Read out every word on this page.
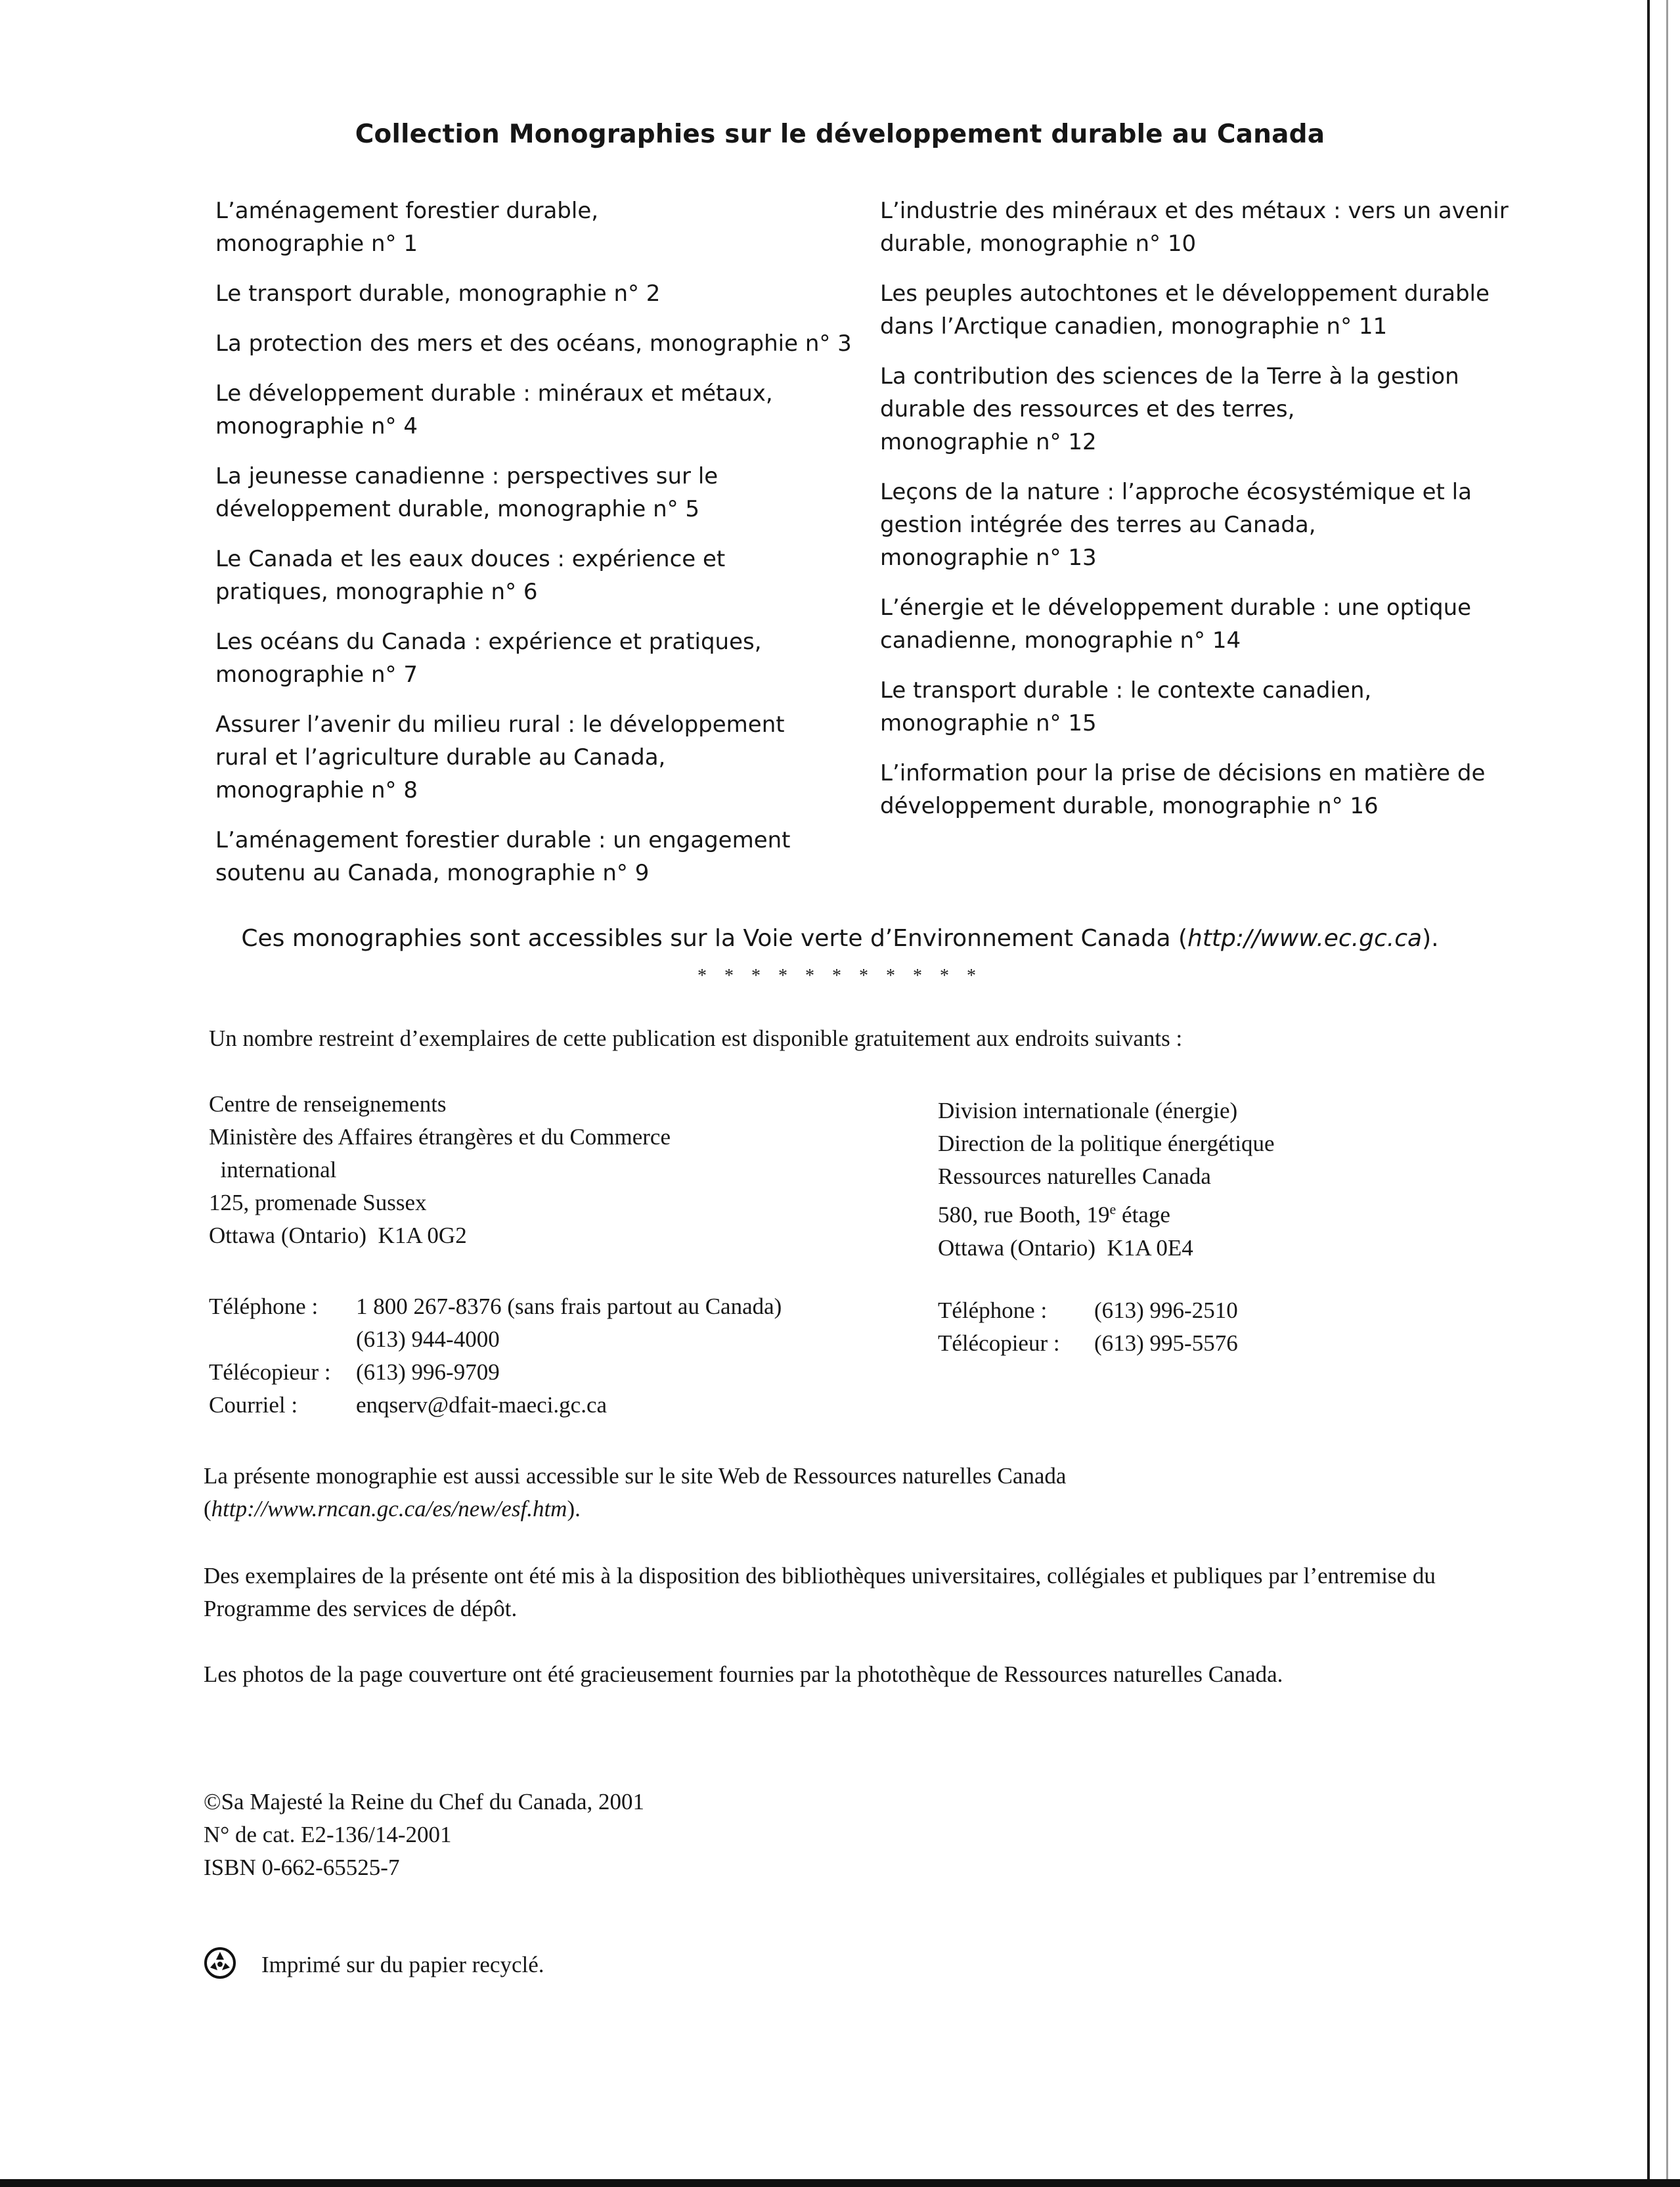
Collection Monographies sur le développement durable au Canada
L’aménagement forestier durable,
monographie n° 1
Le transport durable, monographie n° 2
La protection des mers et des océans, monographie n° 3
Le développement durable : minéraux et métaux,
monographie n° 4
La jeunesse canadienne : perspectives sur le
développement durable, monographie n° 5
Le Canada et les eaux douces : expérience et
pratiques, monographie n° 6
Les océans du Canada : expérience et pratiques,
monographie n° 7
Assurer l’avenir du milieu rural : le développement
rural et l’agriculture durable au Canada,
monographie n° 8
L’aménagement forestier durable : un engagement
soutenu au Canada, monographie n° 9
L’industrie des minéraux et des métaux : vers un avenir
durable, monographie n° 10
Les peuples autochtones et le développement durable
dans l’Arctique canadien, monographie n° 11
La contribution des sciences de la Terre à la gestion
durable des ressources et des terres,
monographie n° 12
Leçons de la nature : l’approche écosystémique et la
gestion intégrée des terres au Canada,
monographie n° 13
L’énergie et le développement durable : une optique
canadienne, monographie n° 14
Le transport durable : le contexte canadien,
monographie n° 15
L’information pour la prise de décisions en matière de
développement durable, monographie n° 16
Ces monographies sont accessibles sur la Voie verte d’Environnement Canada (http://www.ec.gc.ca).
* * * * * * * * * * *
Un nombre restreint d’exemplaires de cette publication est disponible gratuitement aux endroits suivants :
Centre de renseignements
Ministère des Affaires étrangères et du Commerce
international
125, promenade Sussex
Ottawa (Ontario)  K1A 0G2
Téléphone :	1 800 267-8376 (sans frais partout au Canada)
(613) 944-4000
Télécopieur :	(613) 996-9709
Courriel :	enqserv@dfait-maeci.gc.ca
Division internationale (énergie)
Direction de la politique énergétique
Ressources naturelles Canada
580, rue Booth, 19e étage
Ottawa (Ontario)  K1A 0E4
Téléphone :	(613) 996-2510
Télécopieur :	(613) 995-5576
La présente monographie est aussi accessible sur le site Web de Ressources naturelles Canada
(http://www.rncan.gc.ca/es/new/esf.htm).
Des exemplaires de la présente ont été mis à la disposition des bibliothèques universitaires, collégiales et publiques par l’entremise du Programme des services de dépôt.
Les photos de la page couverture ont été gracieusement fournies par la photothèque de Ressources naturelles Canada.
©Sa Majesté la Reine du Chef du Canada, 2001
N° de cat. E2-136/14-2001
ISBN 0-662-65525-7
Imprimé sur du papier recyclé.
